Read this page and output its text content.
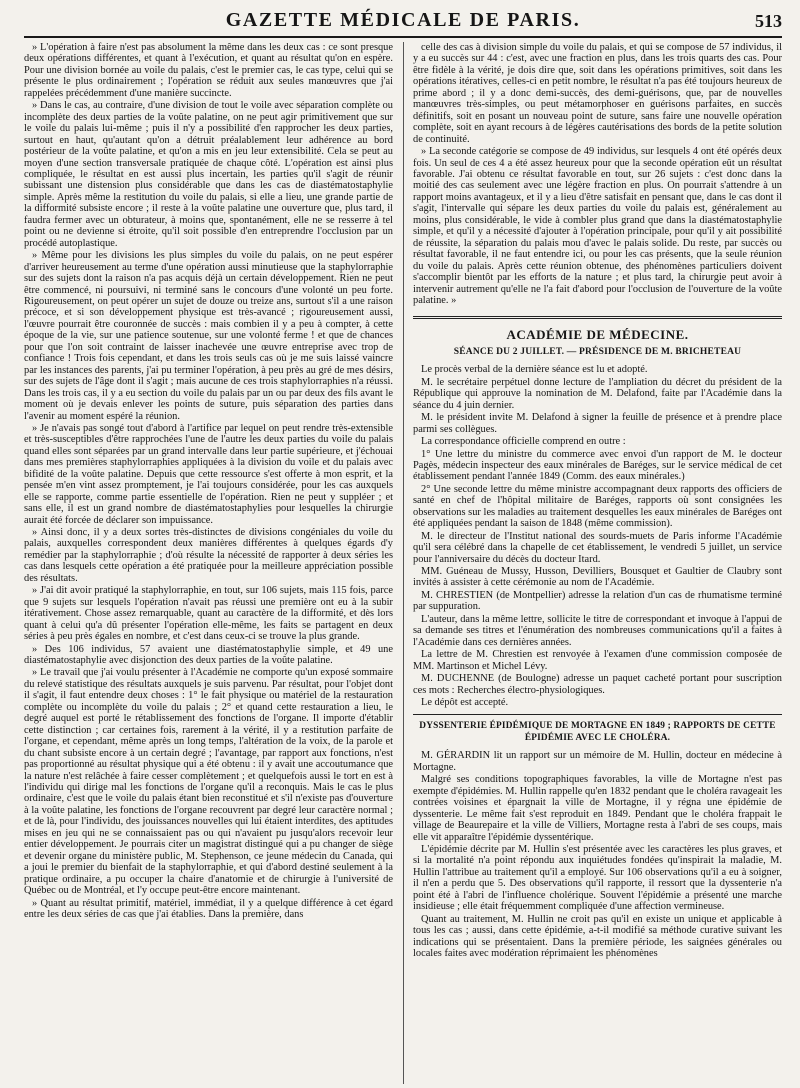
GAZETTE MÉDICALE DE PARIS.	513

» L'opération à faire n'est pas absolument la même dans les deux cas : ce sont presque deux opérations différentes, et quant à l'exécution, et quant au résultat qu'on en espère. Pour une division bornée au voile du palais, c'est le premier cas, le cas type, celui qui se présente le plus ordinairement ; l'opération se réduit aux seules manœuvres que j'ai rappelées précédemment d'une manière succincte.

» Dans le cas, au contraire, d'une division de tout le voile avec séparation complète ou incomplète des deux parties de la voûte palatine, on ne peut agir primitivement que sur le voile du palais lui-même ; puis il n'y a possibilité d'en rapprocher les deux parties, surtout en haut, qu'autant qu'on a détruit préalablement leur adhérence au bord postérieur de la voûte palatine, et qu'on a mis en jeu leur extensibilité. Cela se peut au moyen d'une section transversale pratiquée de chaque côté. L'opération est ainsi plus compliquée, le résultat en est aussi plus incertain, les parties qu'il s'agit de réunir subissant une distension plus considérable que dans les cas de diastématostaphylie simple. Après même la restitution du voile du palais, si elle a lieu, une grande partie de la difformité subsiste encore ; il reste à la voûte palatine une ouverture que, plus tard, il faudra fermer avec un obturateur, à moins que, spontanément, elle ne se resserre à tel point ou ne devienne si étroite, qu'il soit possible d'en entreprendre l'occlusion par un procédé autoplastique.

» Même pour les divisions les plus simples du voile du palais, on ne peut espérer d'arriver heureusement au terme d'une opération aussi minutieuse que la staphylorraphie sur des sujets dont la raison n'a pas acquis déjà un certain développement. Rien ne peut être commencé, ni poursuivi, ni terminé sans le concours d'une volonté un peu forte. Rigoureusement, on peut opérer un sujet de douze ou treize ans, surtout s'il a une raison précoce, et si son développement physique est très-avancé ; rigoureusement aussi, l'œuvre pourrait être couronnée de succès : mais combien il y a peu à compter, à cette époque de la vie, sur une patience soutenue, sur une volonté ferme ! et que de chances pour que l'on soit contraint de laisser inachevée une œuvre entreprise avec trop de confiance ! Trois fois cependant, et dans les trois seuls cas où je me suis laissé vaincre par les instances des parents, j'ai pu terminer l'opération, à peu près au gré de mes désirs, sur des sujets de l'âge dont il s'agit ; mais aucune de ces trois staphylorraphies n'a réussi. Dans les trois cas, il y a eu section du voile du palais par un ou par deux des fils avant le moment où je devais enlever les points de suture, puis séparation des parties dans l'avenir au moment espéré la réunion.

» Je n'avais pas songé tout d'abord à l'artifice par lequel on peut rendre très-extensible et très-susceptibles d'être rapprochées l'une de l'autre les deux parties du voile du palais quand elles sont séparées par un grand intervalle dans leur partie supérieure, et j'échouai dans mes premières staphylorraphies appliquées à la division du voile et du palais avec bifidité de la voûte palatine. Depuis que cette ressource s'est offerte à mon esprit, et la pensée m'en vint assez promptement, je l'ai toujours considérée, pour les cas auxquels elle se rapporte, comme partie essentielle de l'opération. Rien ne peut y suppléer ; et sans elle, il est un grand nombre de diastématostaphylies pour lesquelles la chirurgie aurait été forcée de déclarer son impuissance.

» Ainsi donc, il y a deux sortes très-distinctes de divisions congéniales du voile du palais, auxquelles correspondent deux manières différentes à quelques égards d'y remédier par la staphylorraphie ; d'où résulte la nécessité de rapporter à deux séries les cas dans lesquels cette opération a été pratiquée pour la meilleure appréciation possible des résultats.

» J'ai dit avoir pratiqué la staphylorraphie, en tout, sur 106 sujets, mais 115 fois, parce que 9 sujets sur lesquels l'opération n'avait pas réussi une première ont eu à la subir itérativement. Chose assez remarquable, quant au caractère de la difformité, et dès lors quant à celui qu'a dû présenter l'opération elle-même, les faits se partagent en deux séries à peu près égales en nombre, et c'est dans ceux-ci se trouve la plus grande.

» Des 106 individus, 57 avaient une diastématostaphylie simple, et 49 une diastématostaphylie avec disjonction des deux parties de la voûte palatine.

» Le travail que j'ai voulu présenter à l'Académie ne comporte qu'un exposé sommaire du relevé statistique des résultats auxquels je suis parvenu. Par résultat, pour l'objet dont il s'agit, il faut entendre deux choses : 1° le fait physique ou matériel de la restauration complète ou incomplète du voile du palais ; 2° et quand cette restauration a lieu, le degré auquel est porté le rétablissement des fonctions de l'organe. Il importe d'établir cette distinction ; car certaines fois, rarement à la vérité, il y a restitution parfaite de l'organe, et cependant, même après un long temps, l'altération de la voix, de la parole et du chant subsiste encore à un certain degré ; l'avantage, par rapport aux fonctions, n'est pas proportionné au résultat physique qui a été obtenu : il y avait une accoutumance que la nature n'est relâchée à faire cesser complètement ; et quelquefois aussi le tort en est à l'individu qui dirige mal les fonctions de l'organe qu'il a reconquis. Mais le cas le plus ordinaire, c'est que le voile du palais étant bien reconstitué et s'il n'existe pas d'ouverture à la voûte palatine, les fonctions de l'organe recouvrent par degré leur caractère normal ; et de là, pour l'individu, des jouissances nouvelles qui lui étaient interdites, des aptitudes mises en jeu qui ne se connaissaient pas ou qui n'avaient pu jusqu'alors recevoir leur entier développement. Je pourrais citer un magistrat distingué qui a pu changer de siège et devenir organe du ministère public, M. Stephenson, ce jeune médecin du Canada, qui a joui le premier du bienfait de la staphylorraphie, et qui d'abord destiné seulement à la pratique ordinaire, a pu occuper la chaire d'anatomie et de chirurgie à l'université de Québec ou de Montréal, et l'y occupe peut-être encore maintenant.

» Quant au résultat primitif, matériel, immédiat, il y a quelque différence à cet égard entre les deux séries de cas que j'ai établies. Dans la première, dans

celle des cas à division simple du voile du palais, et qui se compose de 57 individus, il y a eu succès sur 44 : c'est, avec une fraction en plus, dans les trois quarts des cas. Pour être fidèle à la vérité, je dois dire que, soit dans les opérations primitives, soit dans les opérations itératives, celles-ci en petit nombre, le résultat n'a pas été toujours heureux de prime abord ; il y a donc demi-succès, des demi-guérisons, que, par de nouvelles manœuvres très-simples, ou peut métamorphoser en guérisons parfaites, en succès définitifs, soit en posant un nouveau point de suture, sans faire une nouvelle opération complète, soit en ayant recours à de légères cautérisations des bords de la petite solution de continuité.

» La seconde catégorie se compose de 49 individus, sur lesquels 4 ont été opérés deux fois. Un seul de ces 4 a été assez heureux pour que la seconde opération eût un résultat favorable. J'ai obtenu ce résultat favorable en tout, sur 26 sujets : c'est donc dans la moitié des cas seulement avec une légère fraction en plus. On pourrait s'attendre à un rapport moins avantageux, et il y a lieu d'être satisfait en pensant que, dans le cas dont il s'agit, l'intervalle qui sépare les deux parties du voile du palais est, généralement au moins, plus considérable, le vide à combler plus grand que dans la diastématostaphylie simple, et qu'il y a nécessité d'ajouter à l'opération principale, pour qu'il y ait possibilité de réussite, la séparation du palais mou d'avec le palais solide. Du reste, par succès ou résultat favorable, il ne faut entendre ici, ou pour les cas présents, que la seule réunion du voile du palais. Après cette réunion obtenue, des phénomènes particuliers doivent s'accomplir bientôt par les efforts de la nature ; et plus tard, la chirurgie peut avoir à intervenir autrement qu'elle ne l'a fait d'abord pour l'occlusion de l'ouverture de la voûte palatine. »

ACADÉMIE DE MÉDECINE.
SÉANCE DU 2 JUILLET. — PRÉSIDENCE DE M. BRICHETEAU

Le procès verbal de la dernière séance est lu et adopté.

M. le secrétaire perpétuel donne lecture de l'ampliation du décret du président de la République qui approuve la nomination de M. Delafond, faite par l'Académie dans la séance du 4 juin dernier.

M. le président invite M. Delafond à signer la feuille de présence et à prendre place parmi ses collègues.

La correspondance officielle comprend en outre :

1° Une lettre du ministre du commerce avec envoi d'un rapport de M. le docteur Pagès, médecin inspecteur des eaux minérales de Baréges, sur le service médical de cet établissement pendant l'année 1849 (Comm. des eaux minérales.)

2° Une seconde lettre du même ministre accompagnant deux rapports des officiers de santé en chef de l'hôpital militaire de Baréges, rapports où sont consignées les observations sur les maladies au traitement desquelles les eaux minérales de Baréges ont été appliquées pendant la saison de 1848 (même commission).

M. le directeur de l'Institut national des sourds-muets de Paris informe l'Académie qu'il sera célébré dans la chapelle de cet établissement, le vendredi 5 juillet, un service pour l'anniversaire du décès du docteur Itard.

MM. Guéneau de Mussy, Husson, Devilliers, Bousquet et Gaultier de Claubry sont invités à assister à cette cérémonie au nom de l'Académie.

M. CHRESTIEN (de Montpellier) adresse la relation d'un cas de rhumatisme terminé par suppuration.

L'auteur, dans la même lettre, sollicite le titre de correspondant et invoque à l'appui de sa demande ses titres et l'énumération des nombreuses communications qu'il a faites à l'Académie dans ces dernières années.

La lettre de M. Chrestien est renvoyée à l'examen d'une commission composée de MM. Martinson et Michel Lévy.

M. DUCHENNE (de Boulogne) adresse un paquet cacheté portant pour suscription ces mots : Recherches électro-physiologiques.

Le dépôt est accepté.

DYSSENTERIE ÉPIDÉMIQUE DE MORTAGNE EN 1849 ; RAPPORTS DE CETTE ÉPIDÉMIE AVEC LE CHOLÉRA.

M. GÉRARDIN lit un rapport sur un mémoire de M. Hullin, docteur en médecine à Mortagne.

Malgré ses conditions topographiques favorables, la ville de Mortagne n'est pas exempte d'épidémies. M. Hullin rappelle qu'en 1832 pendant que le choléra ravageait les contrées voisines et épargnait la ville de Mortagne, il y régna une épidémie de dyssenterie. Le même fait s'est reproduit en 1849. Pendant que le choléra frappait le village de Beaurepaire et la ville de Villiers, Mortagne resta à l'abri de ses coups, mais elle vit apparaître l'épidémie dyssentérique.

L'épidémie décrite par M. Hullin s'est présentée avec les caractères les plus graves, et si la mortalité n'a point répondu aux inquiétudes fondées qu'inspirait la maladie, M. Hullin l'attribue au traitement qu'il a employé. Sur 106 observations qu'il a eu à soigner, il n'en a perdu que 5. Des observations qu'il rapporte, il ressort que la dyssenterie n'a point été à l'abri de l'influence cholérique. Souvent l'épidémie a présenté une marche insidieuse ; elle était fréquemment compliquée d'une affection vermineuse.

Quant au traitement, M. Hullin ne croit pas qu'il en existe un unique et applicable à tous les cas ; aussi, dans cette épidémie, a-t-il modifié sa méthode curative suivant les indications qui se présentaient. Dans la première période, les saignées générales ou locales faites avec modération réprimaient les phénomènes
